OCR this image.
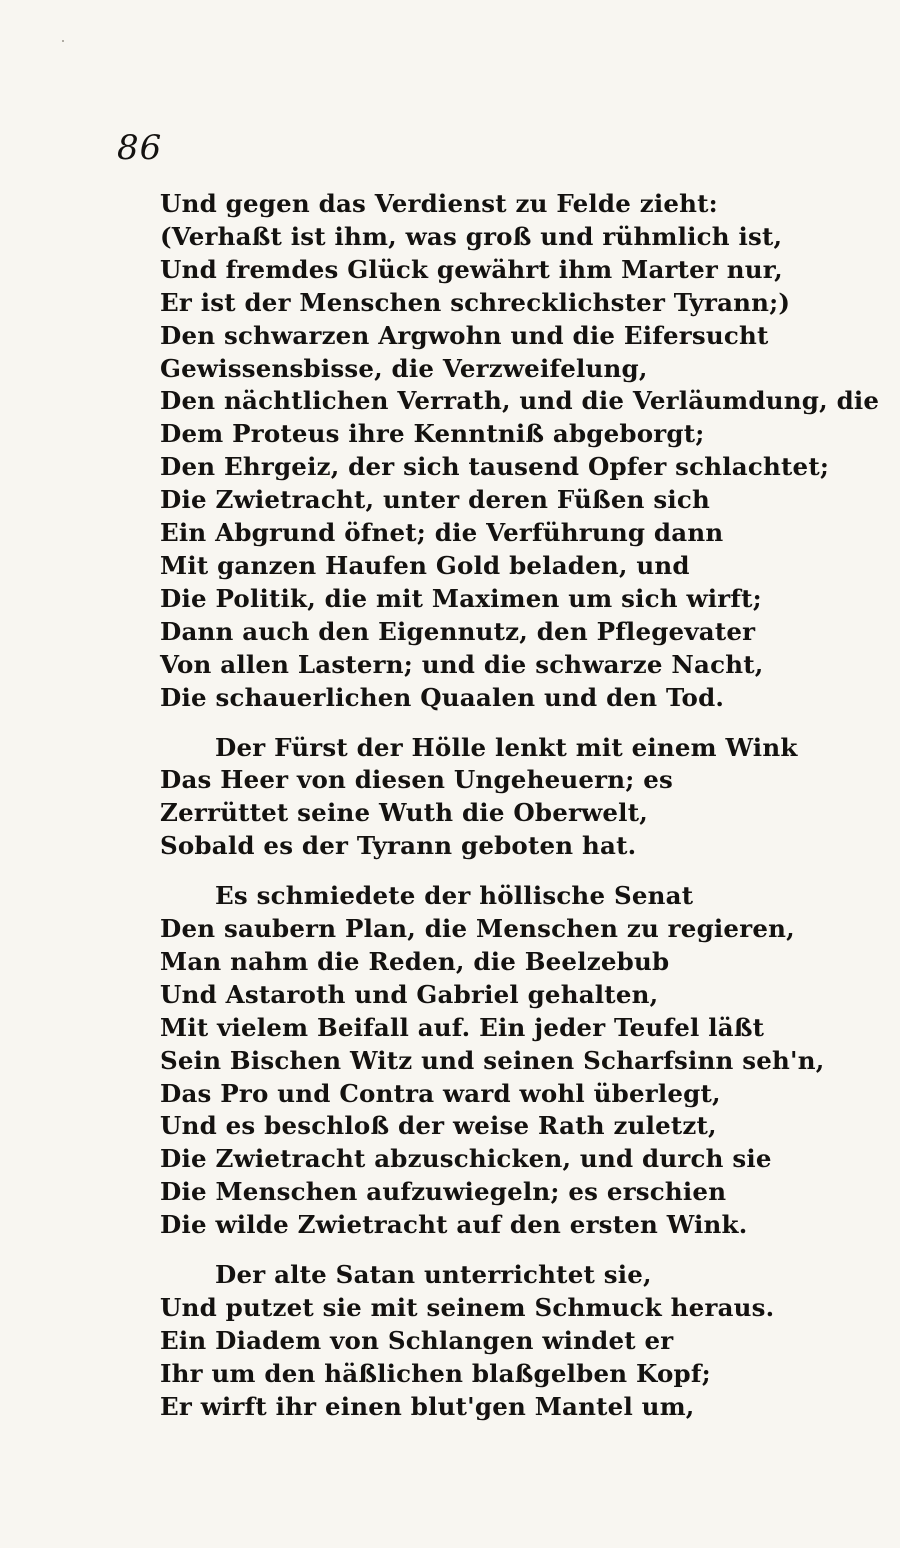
86
Und gegen das Verdienst zu Felde zieht:
(Verhaßt ist ihm, was groß und rühmlich ist,
Und fremdes Glück gewährt ihm Marter nur,
Er ist der Menschen schrecklichster Tyrann;)
Den schwarzen Argwohn und die Eifersucht
Gewissensbisse, die Verzweifelung,
Den nächtlichen Verrath, und die Verläumdung, die
Dem Proteus ihre Kenntniß abgeborgt;
Den Ehrgeiz, der sich tausend Opfer schlachtet;
Die Zwietracht, unter deren Füßen sich
Ein Abgrund öfnet; die Verführung dann
Mit ganzen Haufen Gold beladen, und
Die Politik, die mit Maximen um sich wirft;
Dann auch den Eigennutz, den Pflegevater
Von allen Lastern; und die schwarze Nacht,
Die schauerlichen Quaalen und den Tod.
Der Fürst der Hölle lenkt mit einem Wink
Das Heer von diesen Ungeheuern; es
Zerrüttet seine Wuth die Oberwelt,
Sobald es der Tyrann geboten hat.
Es schmiedete der höllische Senat
Den saubern Plan, die Menschen zu regieren,
Man nahm die Reden, die Beelzebub
Und Astaroth und Gabriel gehalten,
Mit vielem Beifall auf. Ein jeder Teufel läßt
Sein Bischen Witz und seinen Scharfsinn seh'n,
Das Pro und Contra ward wohl überlegt,
Und es beschloß der weise Rath zuletzt,
Die Zwietracht abzuschicken, und durch sie
Die Menschen aufzuwiegeln; es erschien
Die wilde Zwietracht auf den ersten Wink.
Der alte Satan unterrichtet sie,
Und putzet sie mit seinem Schmuck heraus.
Ein Diadem von Schlangen windet er
Ihr um den häßlichen blaßgelben Kopf;
Er wirft ihr einen blut'gen Mantel um,
